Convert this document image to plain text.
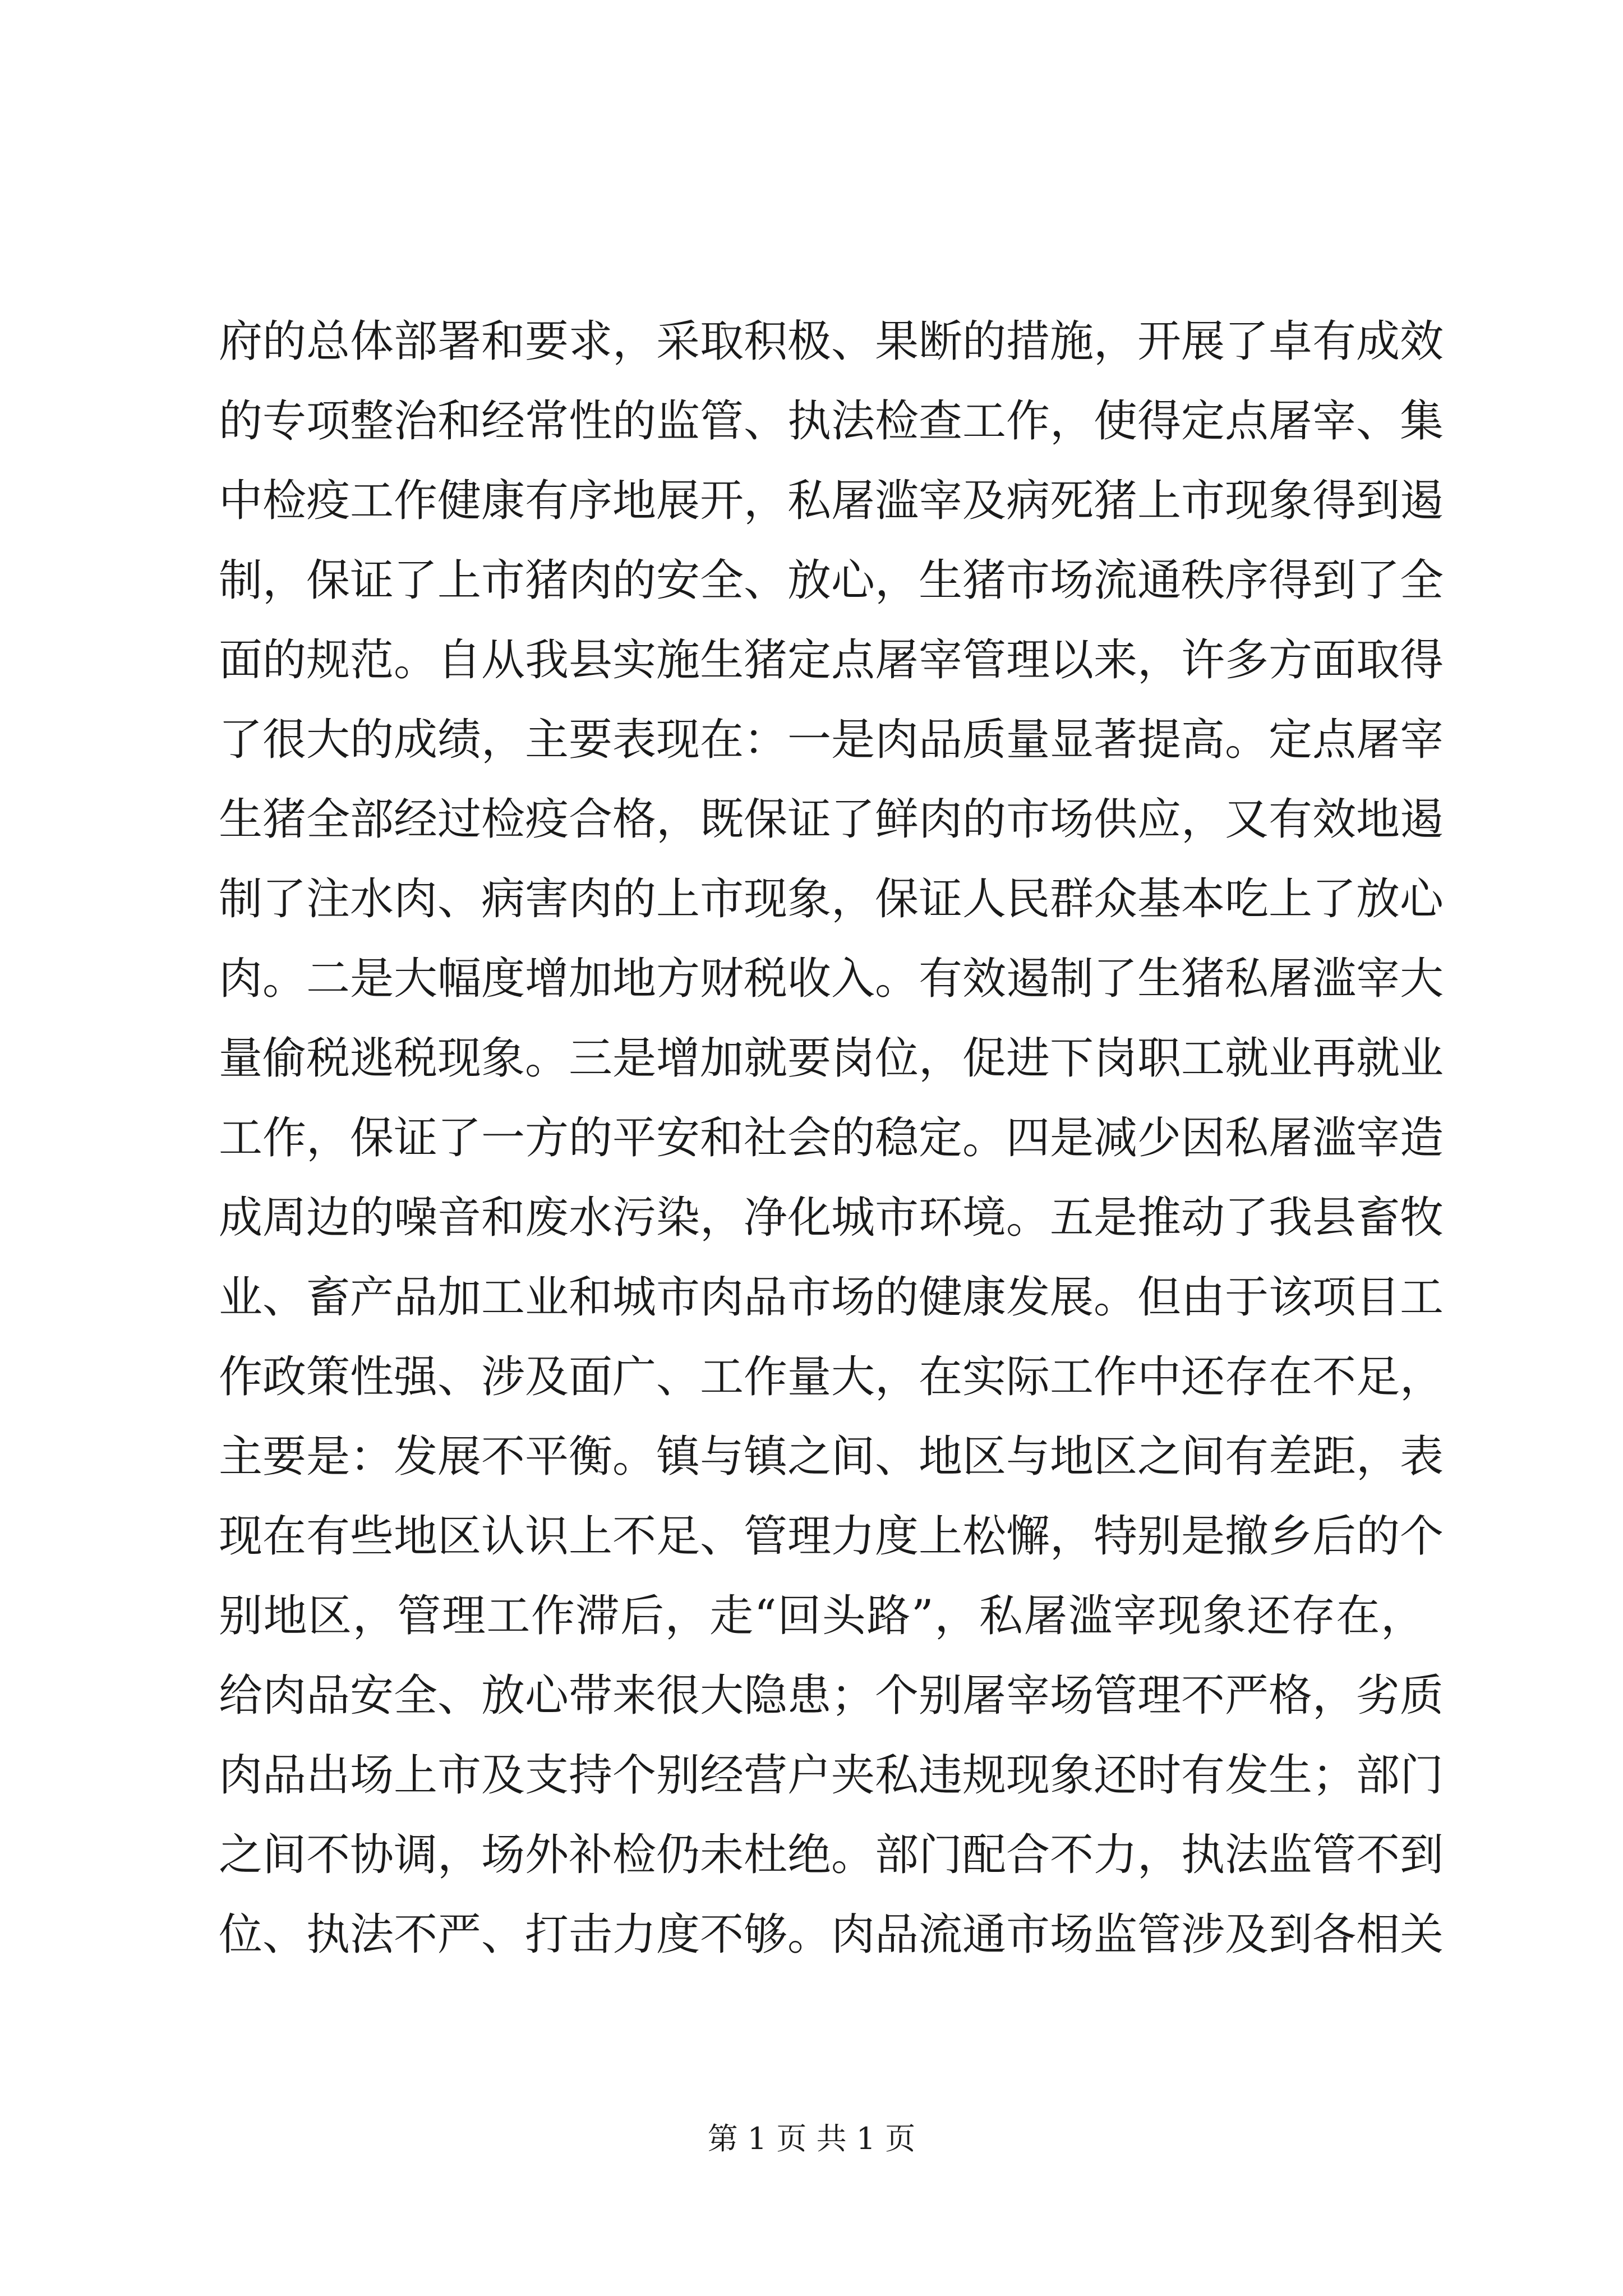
府的总体部署和要求，采取积极、果断的措施，开展了卓有成效
的专项整治和经常性的监管、执法检查工作，使得定点屠宰、集
中检疫工作健康有序地展开，私屠滥宰及病死猪上市现象得到遏
制，保证了上市猪肉的安全、放心，生猪市场流通秩序得到了全
面的规范。自从我县实施生猪定点屠宰管理以来，许多方面取得
了很大的成绩，主要表现在：一是肉品质量显著提高。定点屠宰
生猪全部经过检疫合格，既保证了鲜肉的市场供应，又有效地遏
制了注水肉、病害肉的上市现象，保证人民群众基本吃上了放心
肉。二是大幅度增加地方财税收入。有效遏制了生猪私屠滥宰大
量偷税逃税现象。三是增加就要岗位，促进下岗职工就业再就业
工作，保证了一方的平安和社会的稳定。四是减少因私屠滥宰造
成周边的噪音和废水污染，净化城市环境。五是推动了我县畜牧
业、畜产品加工业和城市肉品市场的健康发展。但由于该项目工
作政策性强、涉及面广、工作量大，在实际工作中还存在不足，
主要是：发展不平衡。镇与镇之间、地区与地区之间有差距，表
现在有些地区认识上不足、管理力度上松懈，特别是撤乡后的个
别地区，管理工作滞后，走“回头路”，私屠滥宰现象还存在，
给肉品安全、放心带来很大隐患；个别屠宰场管理不严格，劣质
肉品出场上市及支持个别经营户夹私违规现象还时有发生；部门
之间不协调，场外补检仍未杜绝。部门配合不力，执法监管不到
位、执法不严、打击力度不够。肉品流通市场监管涉及到各相关
第 1 页 共 1 页
